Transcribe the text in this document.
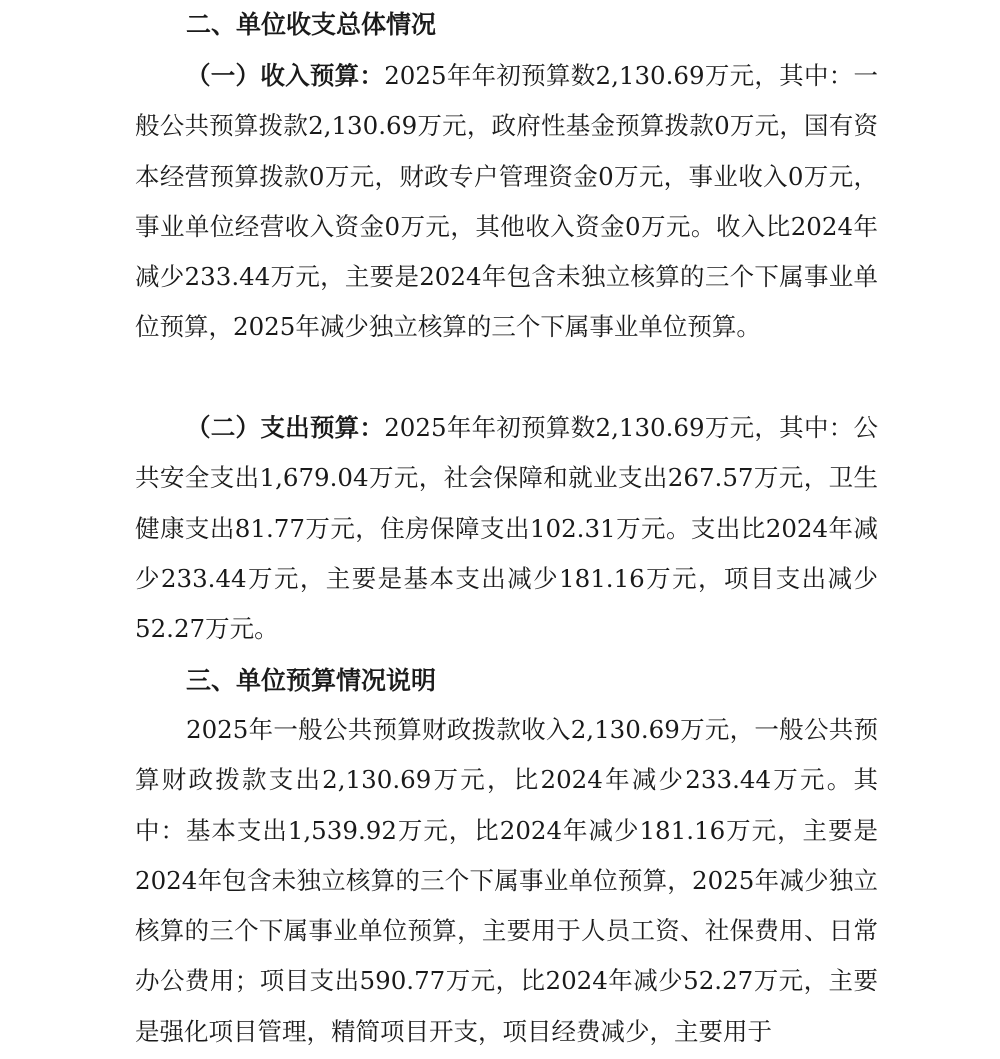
二、单位收支总体情况

（一）收入预算：2025年年初预算数2,130.69万元，其中：一般公共预算拨款2,130.69万元，政府性基金预算拨款0万元，国有资本经营预算拨款0万元，财政专户管理资金0万元，事业收入0万元，事业单位经营收入资金0万元，其他收入资金0万元。收入比2024年减少233.44万元，主要是2024年包含未独立核算的三个下属事业单位预算，2025年减少独立核算的三个下属事业单位预算。

（二）支出预算：2025年年初预算数2,130.69万元，其中：公共安全支出1,679.04万元，社会保障和就业支出267.57万元，卫生健康支出81.77万元，住房保障支出102.31万元。支出比2024年减少233.44万元，主要是基本支出减少181.16万元，项目支出减少52.27万元。

三、单位预算情况说明

2025年一般公共预算财政拨款收入2,130.69万元，一般公共预算财政拨款支出2,130.69万元，比2024年减少233.44万元。其中：基本支出1,539.92万元，比2024年减少181.16万元，主要是2024年包含未独立核算的三个下属事业单位预算，2025年减少独立核算的三个下属事业单位预算，主要用于人员工资、社保费用、日常办公费用；项目支出590.77万元，比2024年减少52.27万元，主要是强化项目管理，精简项目开支，项目经费减少，主要用于
